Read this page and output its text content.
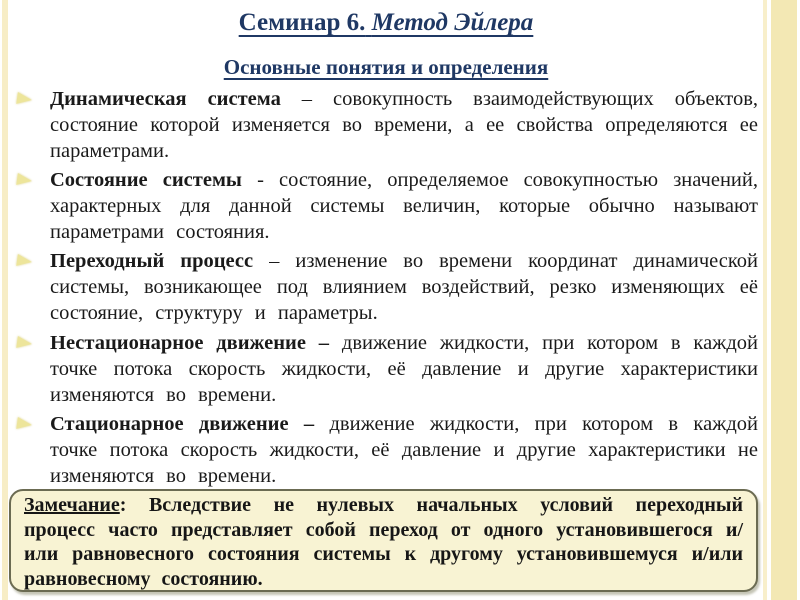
Семинар 6. Метод Эйлера
Основные понятия и определения

Динамическая система – совокупность взаимодействующих объектов, состояние которой изменяется во времени, а ее свойства определяются ее параметрами.

Состояние системы - состояние, определяемое совокупностью значений, характерных для данной системы величин, которые обычно называют параметрами состояния.

Переходный процесс – изменение во времени координат динамической системы, возникающее под влиянием воздействий, резко изменяющих её состояние, структуру и параметры.

Нестационарное движение – движение жидкости, при котором в каждой точке потока скорость жидкости, её давление и другие характеристики изменяются во времени.

Стационарное движение – движение жидкости, при котором в каждой точке потока скорость жидкости, её давление и другие характеристики не изменяются во времени.

Замечание: Вследствие не нулевых начальных условий переходный процесс часто представляет собой переход от одного установившегося и/или равновесного состояния системы к другому установившемуся и/или равновесному состоянию.
